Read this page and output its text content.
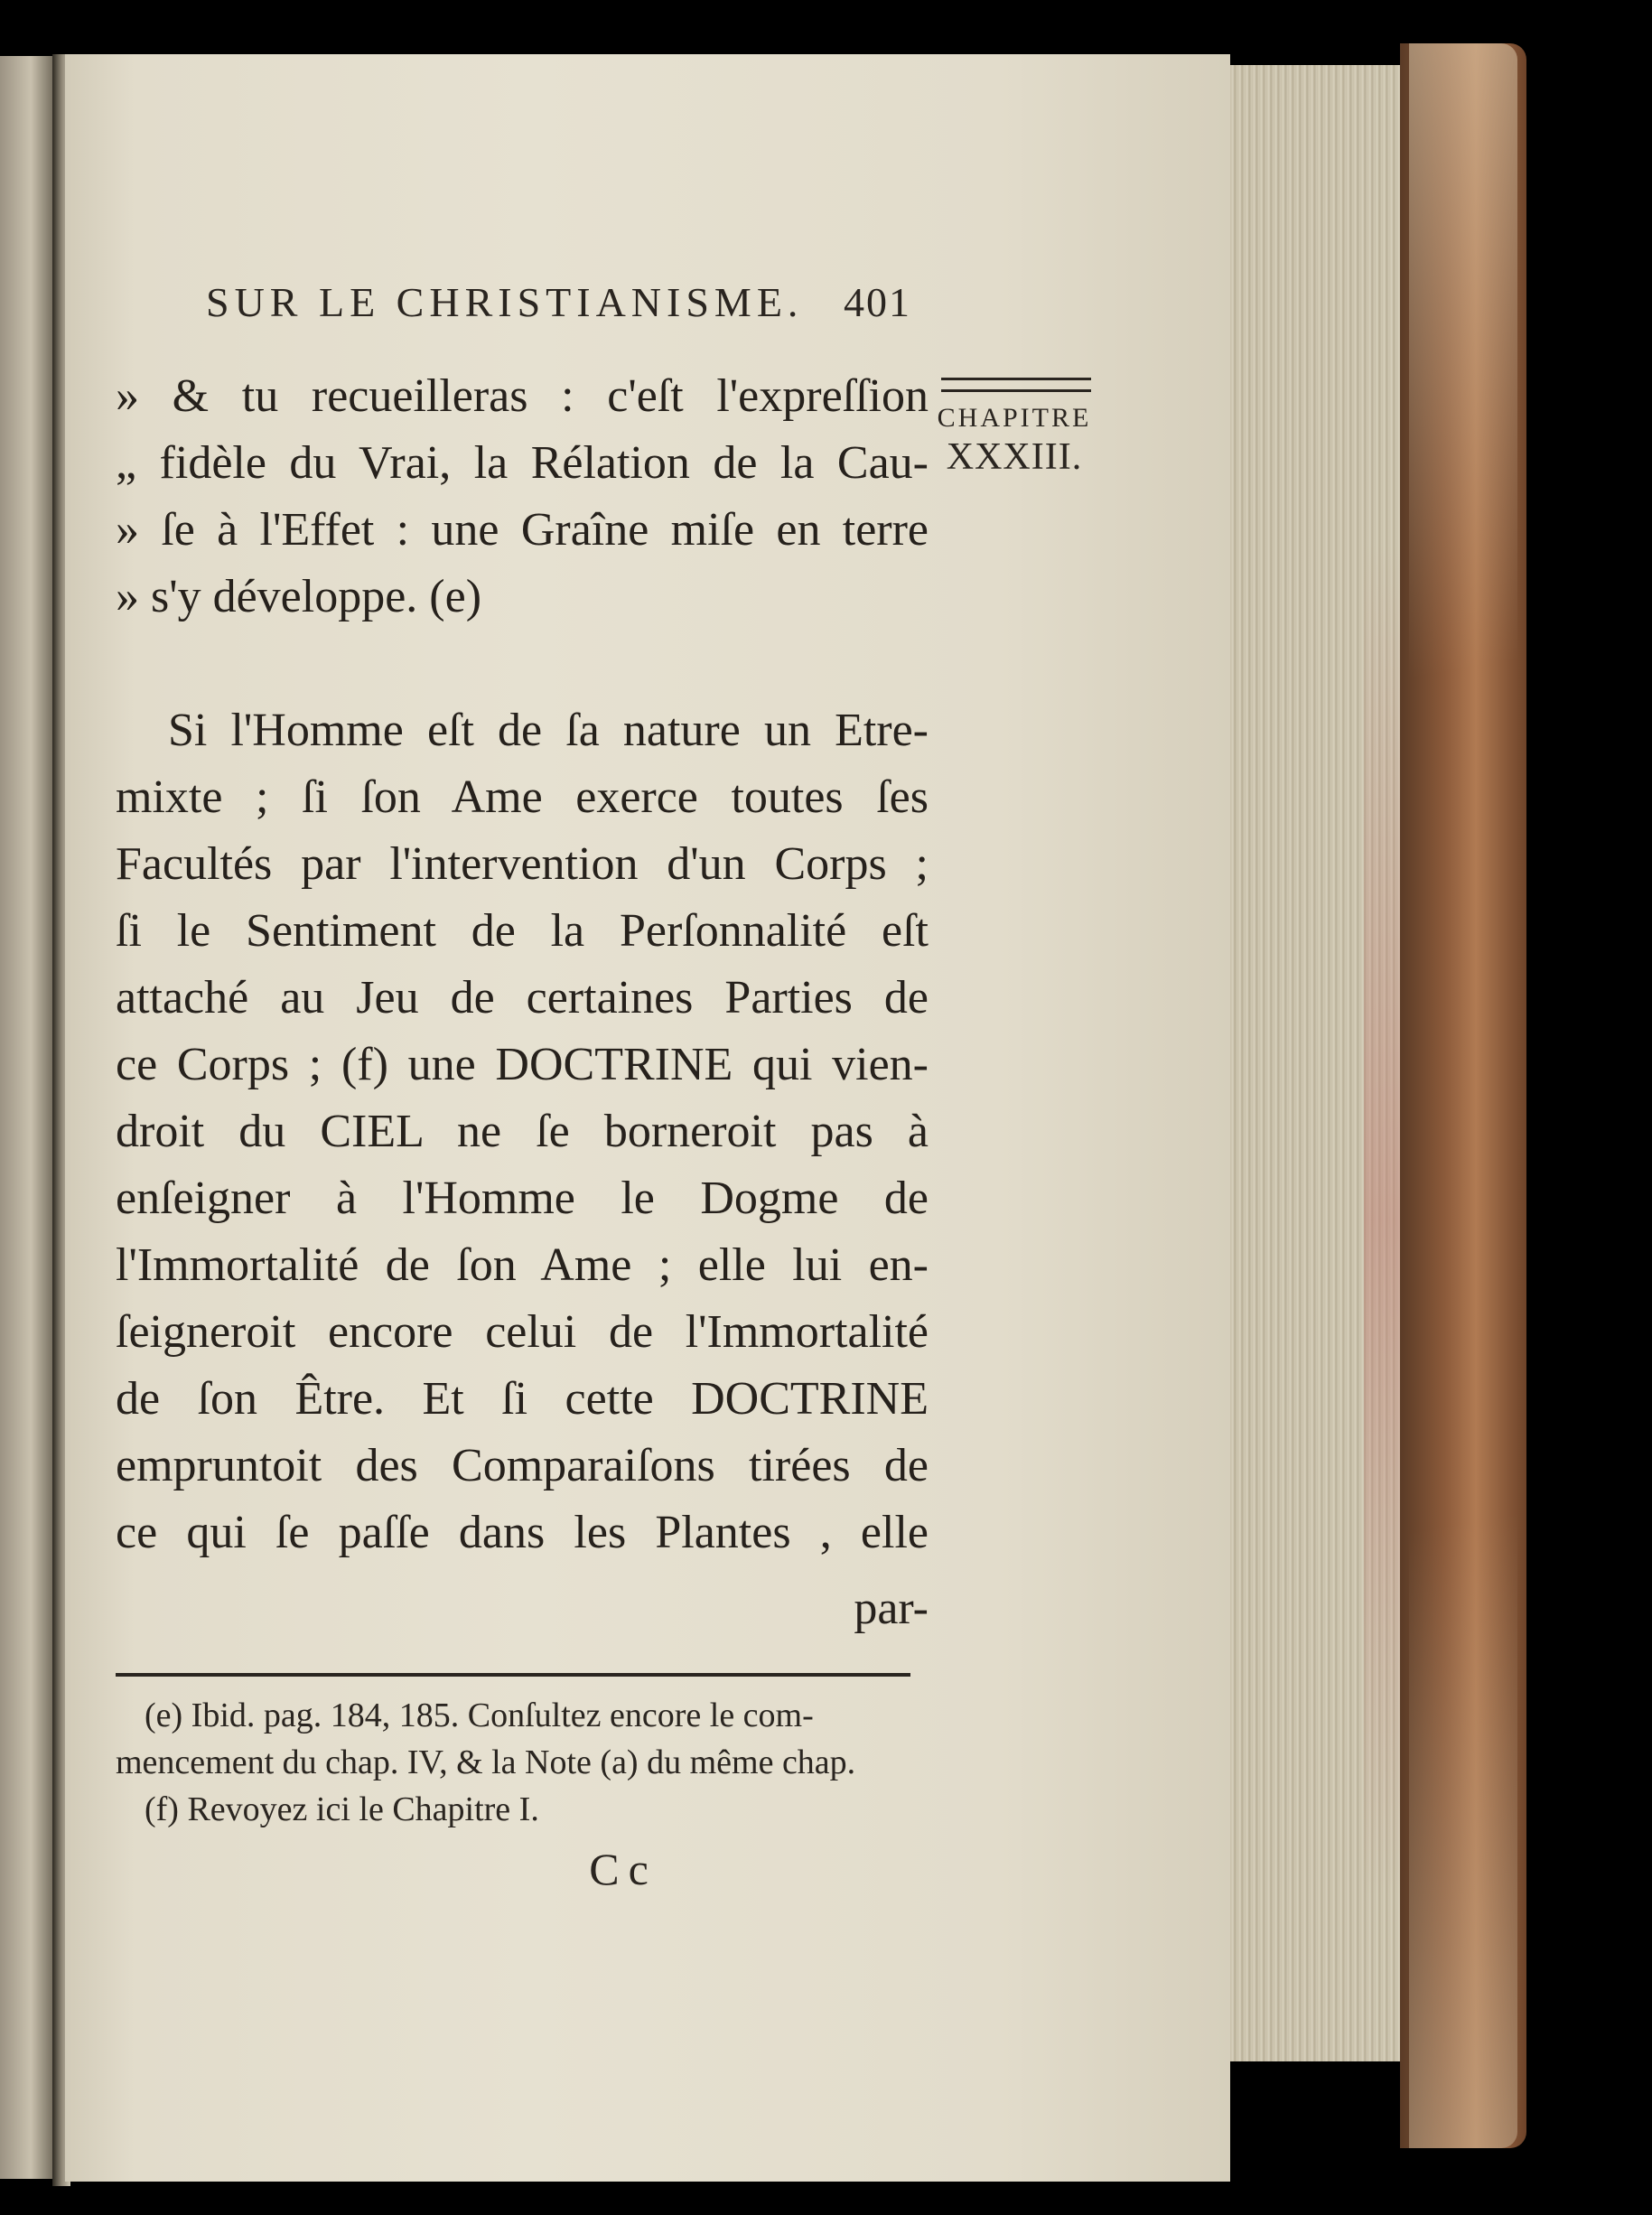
SUR LE CHRISTIANISME. 401
CHAPITRE
XXXIII.
» & tu recueilleras : c'eſt l'expreſſion
„ fidèle du Vrai, la Rélation de la Cau-
» ſe à l'Effet : une Graîne miſe en terre
» s'y développe. (e)
Si l'Homme eſt de ſa nature un Etre-
mixte ; ſi ſon Ame exerce toutes ſes
Facultés par l'intervention d'un Corps ;
ſi le Sentiment de la Perſonnalité eſt
attaché au Jeu de certaines Parties de
ce Corps ; (f) une DOCTRINE qui vien-
droit du CIEL ne ſe borneroit pas à
enſeigner à l'Homme le Dogme de
l'Immortalité de ſon Ame ; elle lui en-
ſeigneroit encore celui de l'Immortalité
de ſon Être. Et ſi cette DOCTRINE
empruntoit des Comparaiſons tirées de
ce qui ſe paſſe dans les Plantes , elle
par-
(e) Ibid. pag. 184, 185. Conſultez encore le com-
mencement du chap. IV, & la Note (a) du même chap.
(f) Revoyez ici le Chapitre I.
Cc
